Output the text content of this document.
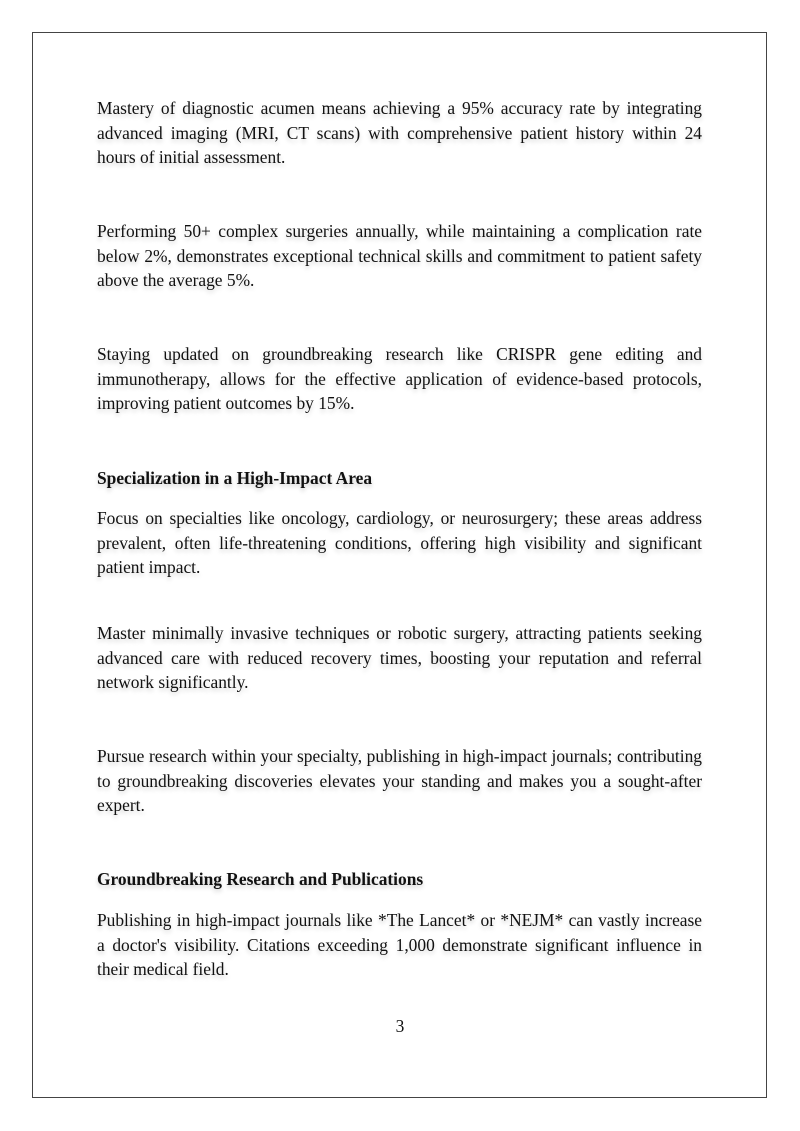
Mastery of diagnostic acumen means achieving a 95% accuracy rate by integrating advanced imaging (MRI, CT scans) with comprehensive patient history within 24 hours of initial assessment.

Performing 50+ complex surgeries annually, while maintaining a complication rate below 2%, demonstrates exceptional technical skills and commitment to patient safety above the average 5%.

Staying updated on groundbreaking research like CRISPR gene editing and immunotherapy, allows for the effective application of evidence-based protocols, improving patient outcomes by 15%.

Specialization in a High-Impact Area

Focus on specialties like oncology, cardiology, or neurosurgery; these areas address prevalent, often life-threatening conditions, offering high visibility and significant patient impact.

Master minimally invasive techniques or robotic surgery, attracting patients seeking advanced care with reduced recovery times, boosting your reputation and referral network significantly.

Pursue research within your specialty, publishing in high-impact journals; contributing to groundbreaking discoveries elevates your standing and makes you a sought-after expert.

Groundbreaking Research and Publications

Publishing in high-impact journals like *The Lancet* or *NEJM* can vastly increase a doctor's visibility. Citations exceeding 1,000 demonstrate significant influence in their medical field.

3
